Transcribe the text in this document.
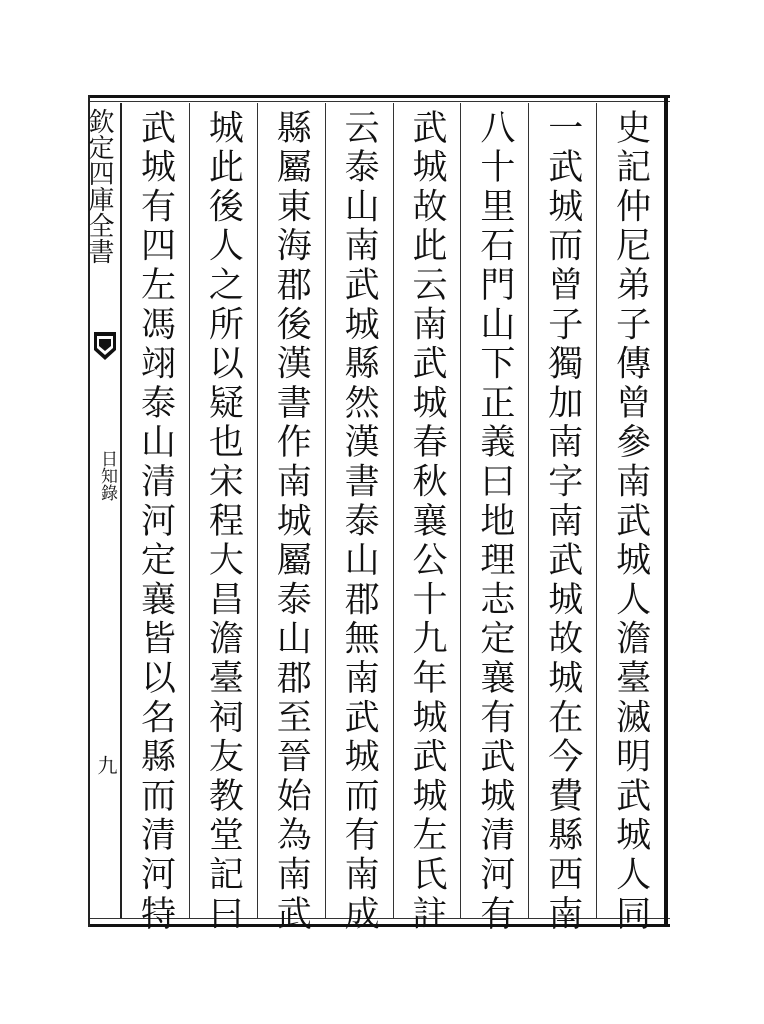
欽定四庫全書
日知錄
九	史記仲尼弟子傳曾參南武城人澹臺滅明武城人同
一武城而曾子獨加南字南武城故城在今費縣西南
八十里石門山下正義曰地理志定襄有武城清河有
武城故此云南武城春秋襄公十九年城武城左氏註
云泰山南武城縣然漢書泰山郡無南武城而有南成
縣屬東海郡後漢書作南城屬泰山郡至晉始為南武
城此後人之所以疑也宋程大昌澹臺祠友教堂記曰
武城有四左馮翊泰山清河定襄皆以名縣而清河特
